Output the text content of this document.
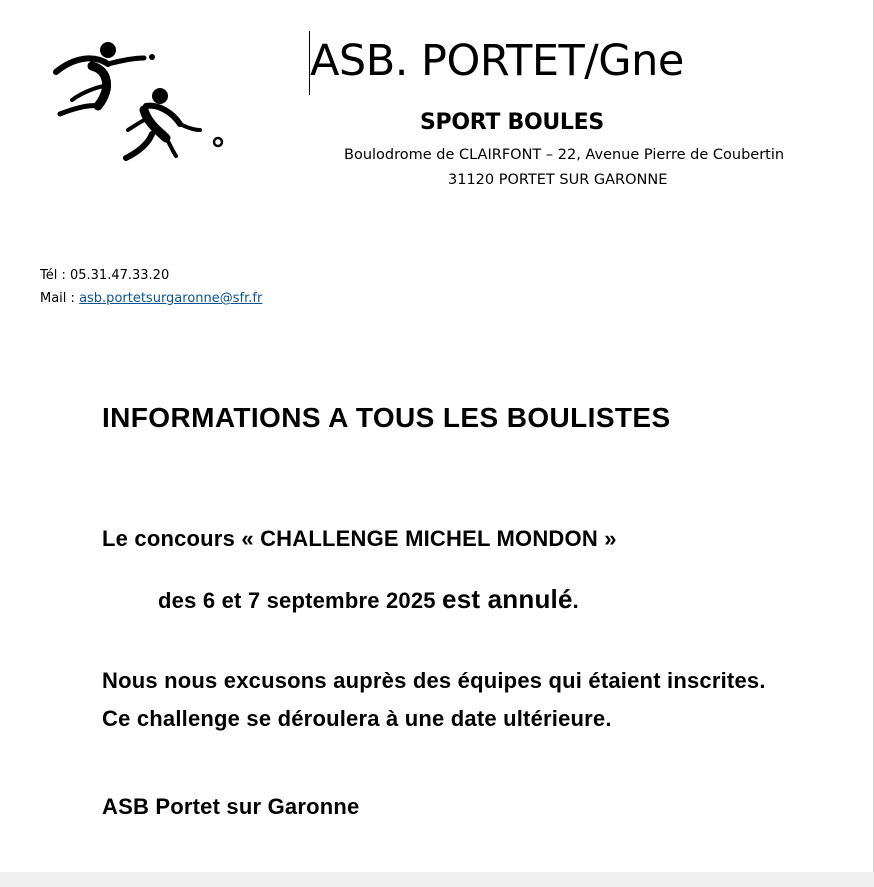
ASB. PORTET/Gne
SPORT BOULES
Boulodrome de CLAIRFONT – 22, Avenue Pierre de Coubertin
31120 PORTET SUR GARONNE
Tél : 05.31.47.33.20
Mail : asb.portetsurgaronne@sfr.fr
INFORMATIONS A TOUS LES BOULISTES
Le concours « CHALLENGE MICHEL MONDON »
des 6 et 7 septembre 2025 est annulé.
Nous nous excusons auprès des équipes qui étaient inscrites. Ce challenge se déroulera à une date ultérieure.
ASB Portet sur Garonne
